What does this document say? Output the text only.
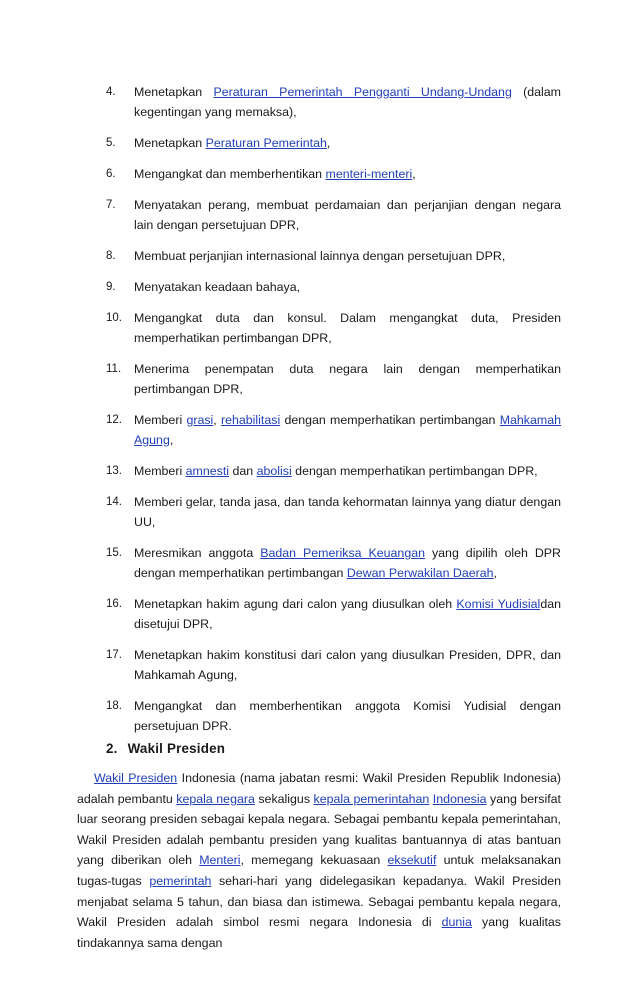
4.	Menetapkan Peraturan Pemerintah Pengganti Undang-Undang (dalam kegentingan yang memaksa),
5.	Menetapkan Peraturan Pemerintah,
6.	Mengangkat dan memberhentikan menteri-menteri,
7.	Menyatakan perang, membuat perdamaian dan perjanjian dengan negara lain dengan persetujuan DPR,
8.	Membuat perjanjian internasional lainnya dengan persetujuan DPR,
9.	Menyatakan keadaan bahaya,
10. Mengangkat duta dan konsul. Dalam mengangkat duta, Presiden memperhatikan pertimbangan DPR,
11.	Menerima penempatan duta negara lain dengan memperhatikan pertimbangan DPR,
12. Memberi grasi, rehabilitasi dengan memperhatikan pertimbangan Mahkamah Agung,
13. Memberi amnesti dan abolisi dengan memperhatikan pertimbangan DPR,
14. Memberi gelar, tanda jasa, dan tanda kehormatan lainnya yang diatur dengan UU,
15. Meresmikan anggota Badan Pemeriksa Keuangan yang dipilih oleh DPR dengan memperhatikan pertimbangan Dewan Perwakilan Daerah,
16. Menetapkan hakim agung dari calon yang diusulkan oleh Komisi Yudisialdan disetujui DPR,
17. Menetapkan hakim konstitusi dari calon yang diusulkan Presiden, DPR, dan Mahkamah Agung,
18. Mengangkat dan memberhentikan anggota Komisi Yudisial dengan persetujuan DPR.
2. Wakil Presiden

Wakil Presiden Indonesia (nama jabatan resmi: Wakil Presiden Republik Indonesia) adalah pembantu kepala negara sekaligus kepala pemerintahan Indonesia yang bersifat luar seorang presiden sebagai kepala negara. Sebagai pembantu kepala pemerintahan, Wakil Presiden adalah pembantu presiden yang kualitas bantuannya di atas bantuan yang diberikan oleh Menteri, memegang kekuasaan eksekutif untuk melaksanakan tugas-tugas pemerintah sehari-hari yang didelegasikan kepadanya. Wakil Presiden menjabat selama 5 tahun, dan biasa dan istimewa. Sebagai pembantu kepala negara, Wakil Presiden adalah simbol resmi negara Indonesia di dunia yang kualitas tindakannya sama dengan
